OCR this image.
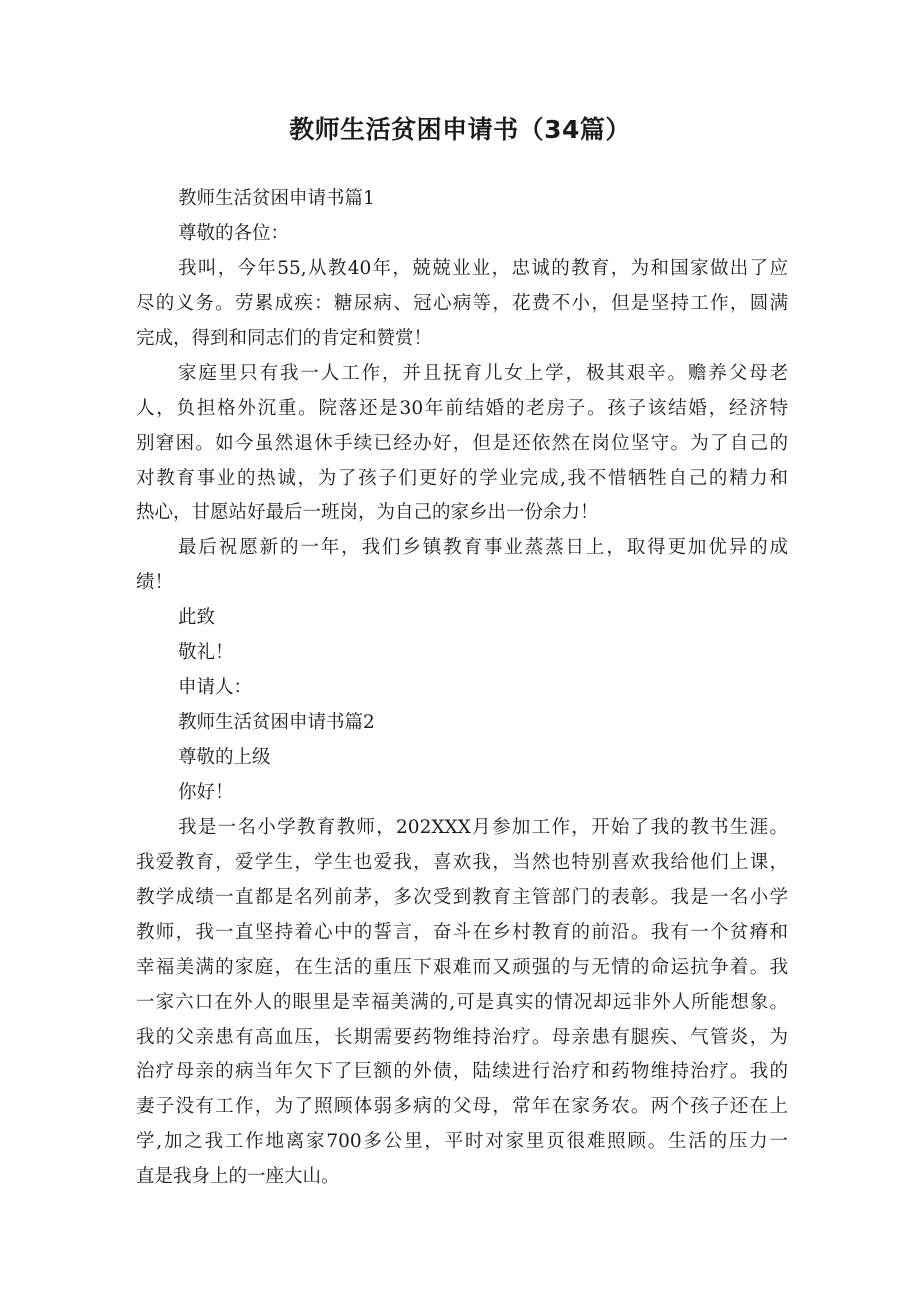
教师生活贫困申请书（34篇）
教师生活贫困申请书篇1
尊敬的各位：
我叫，今年55,从教40年，兢兢业业，忠诚的教育，为和国家做出了应
尽的义务。劳累成疾：糖尿病、冠心病等，花费不小，但是坚持工作，圆满
完成，得到和同志们的肯定和赞赏！
家庭里只有我一人工作，并且抚育儿女上学，极其艰辛。赡养父母老
人，负担格外沉重。院落还是30年前结婚的老房子。孩子该结婚，经济特
别窘困。如今虽然退休手续已经办好，但是还依然在岗位坚守。为了自己的
对教育事业的热诚，为了孩子们更好的学业完成,我不惜牺牲自己的精力和
热心，甘愿站好最后一班岗，为自己的家乡出一份余力！
最后祝愿新的一年，我们乡镇教育事业蒸蒸日上，取得更加优异的成
绩！
此致
敬礼！
申请人：
教师生活贫困申请书篇2
尊敬的上级
你好！
我是一名小学教育教师，202XXX月参加工作，开始了我的教书生涯。
我爱教育，爱学生，学生也爱我，喜欢我，当然也特别喜欢我给他们上课，
教学成绩一直都是名列前茅，多次受到教育主管部门的表彰。我是一名小学
教师，我一直坚持着心中的誓言，奋斗在乡村教育的前沿。我有一个贫瘠和
幸福美满的家庭，在生活的重压下艰难而又顽强的与无情的命运抗争着。我
一家六口在外人的眼里是幸福美满的,可是真实的情况却远非外人所能想象。
我的父亲患有高血压，长期需要药物维持治疗。母亲患有腿疾、气管炎，为
治疗母亲的病当年欠下了巨额的外债，陆续进行治疗和药物维持治疗。我的
妻子没有工作，为了照顾体弱多病的父母，常年在家务农。两个孩子还在上
学,加之我工作地离家700多公里，平时对家里页很难照顾。生活的压力一
直是我身上的一座大山。
